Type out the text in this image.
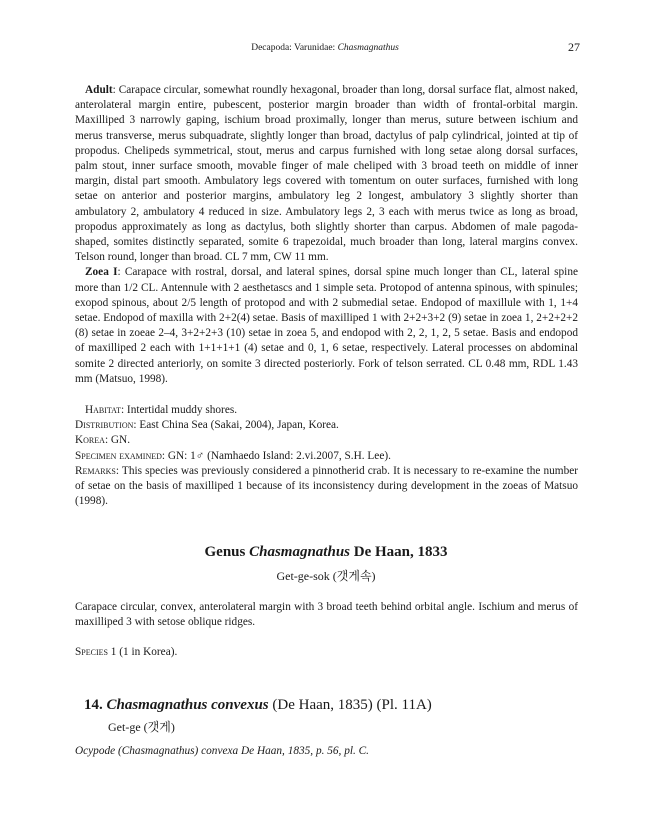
Decapoda: Varunidae: Chasmagnathus	27

Adult: Carapace circular, somewhat roundly hexagonal, broader than long, dorsal surface flat, almost naked, anterolateral margin entire, pubescent, posterior margin broader than width of frontal-orbital margin. Maxilliped 3 narrowly gaping, ischium broad proximally, longer than merus, suture between ischium and merus transverse, merus subquadrate, slightly longer than broad, dactylus of palp cylindrical, jointed at tip of propodus. Chelipeds symmetrical, stout, merus and carpus furnished with long setae along dorsal surfaces, palm stout, inner surface smooth, movable finger of male cheliped with 3 broad teeth on middle of inner margin, distal part smooth. Ambulatory legs covered with tomentum on outer surfaces, furnished with long setae on anterior and posterior margins, ambulatory leg 2 longest, ambulatory 3 slightly shorter than ambulatory 2, ambulatory 4 reduced in size. Ambulatory legs 2, 3 each with merus twice as long as broad, propodus approximately as long as dactylus, both slightly shorter than carpus. Abdomen of male pagoda-shaped, somites distinctly separated, somite 6 trapezoidal, much broader than long, lateral margins convex. Telson round, longer than broad. CL 7 mm, CW 11 mm.

Zoea I: Carapace with rostral, dorsal, and lateral spines, dorsal spine much longer than CL, lateral spine more than 1/2 CL. Antennule with 2 aesthetascs and 1 simple seta. Protopod of antenna spinous, with spinules; exopod spinous, about 2/5 length of protopod and with 2 submedial setae. Endopod of maxillule with 1, 1+4 setae. Endopod of maxilla with 2+2(4) setae. Basis of maxilliped 1 with 2+2+3+2 (9) setae in zoea 1, 2+2+2+2 (8) setae in zoeae 2–4, 3+2+2+3 (10) setae in zoea 5, and endopod with 2, 2, 1, 2, 5 setae. Basis and endopod of maxilliped 2 each with 1+1+1+1 (4) setae and 0, 1, 6 setae, respectively. Lateral processes on abdominal somite 2 directed anteriorly, on somite 3 directed posteriorly. Fork of telson serrated. CL 0.48 mm, RDL 1.43 mm (Matsuo, 1998).

Habitat: Intertidal muddy shores.

Distribution: East China Sea (Sakai, 2004), Japan, Korea.

Korea: GN.

Specimen examined: GN: 1♂ (Namhaedo Island: 2.vi.2007, S.H. Lee).

Remarks: This species was previously considered a pinnotherid crab. It is necessary to re-examine the number of setae on the basis of maxilliped 1 because of its inconsistency during development in the zoeas of Matsuo (1998).

Genus Chasmagnathus De Haan, 1833
Get-ge-sok (갯게속)

Carapace circular, convex, anterolateral margin with 3 broad teeth behind orbital angle. Ischium and merus of maxilliped 3 with setose oblique ridges.

Species 1 (1 in Korea).

14. Chasmagnathus convexus (De Haan, 1835) (Pl. 11A)
Get-ge (갯게)
Ocypode (Chasmagnathus) convexa De Haan, 1835, p. 56, pl. C.
